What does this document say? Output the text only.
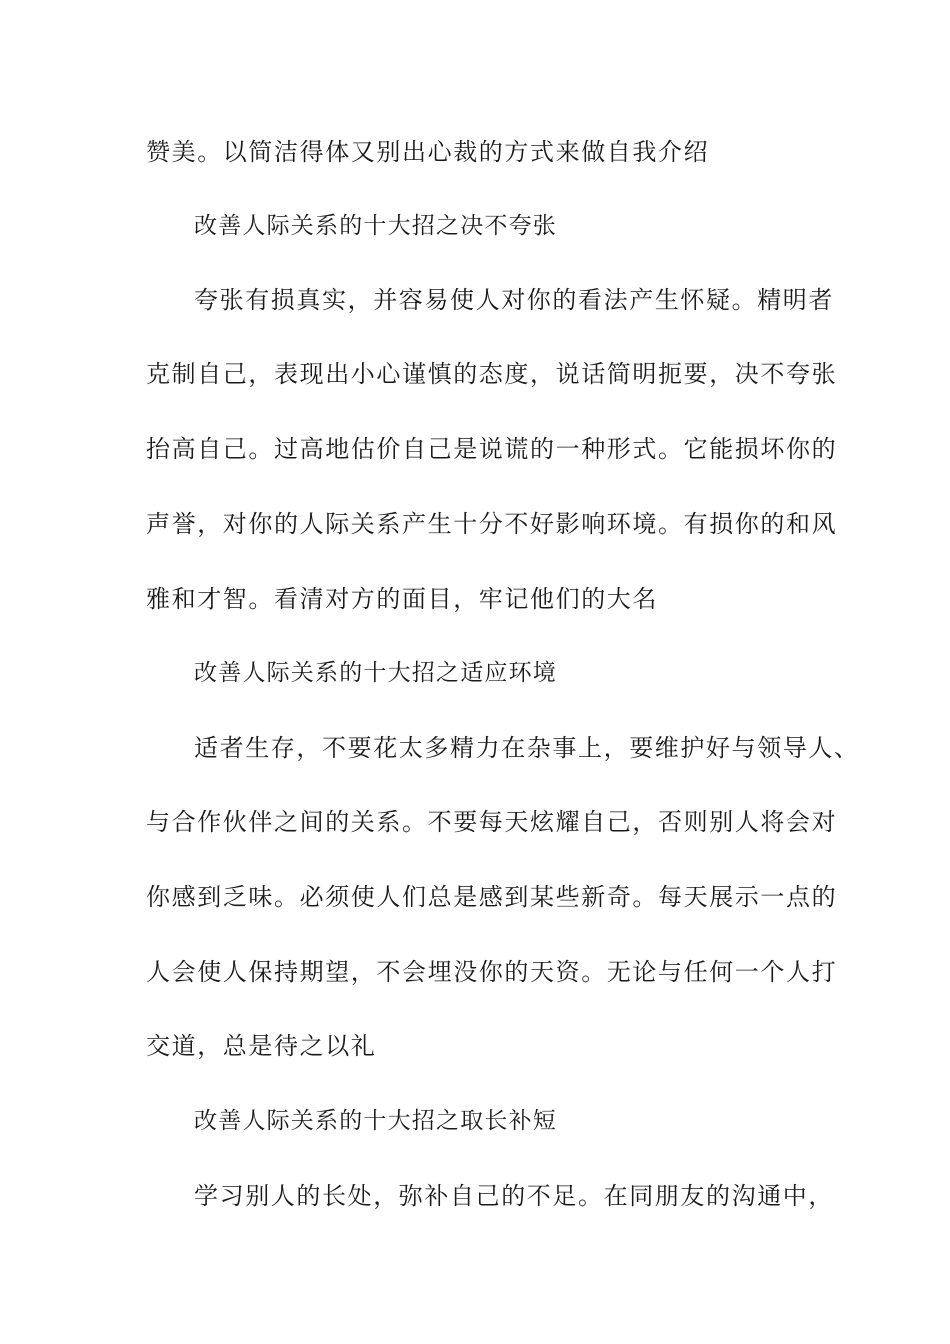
赞美。以简洁得体又别出心裁的方式来做自我介绍
改善人际关系的十大招之决不夸张
夸张有损真实，并容易使人对你的看法产生怀疑。精明者
克制自己，表现出小心谨慎的态度，说话简明扼要，决不夸张
抬高自己。过高地估价自己是说谎的一种形式。它能损坏你的
声誉，对你的人际关系产生十分不好影响环境。有损你的和风
雅和才智。看清对方的面目，牢记他们的大名
改善人际关系的十大招之适应环境
适者生存，不要花太多精力在杂事上，要维护好与领导人、
与合作伙伴之间的关系。不要每天炫耀自己，否则别人将会对
你感到乏味。必须使人们总是感到某些新奇。每天展示一点的
人会使人保持期望，不会埋没你的天资。无论与任何一个人打
交道，总是待之以礼
改善人际关系的十大招之取长补短
学习别人的长处，弥补自己的不足。在同朋友的沟通中，
